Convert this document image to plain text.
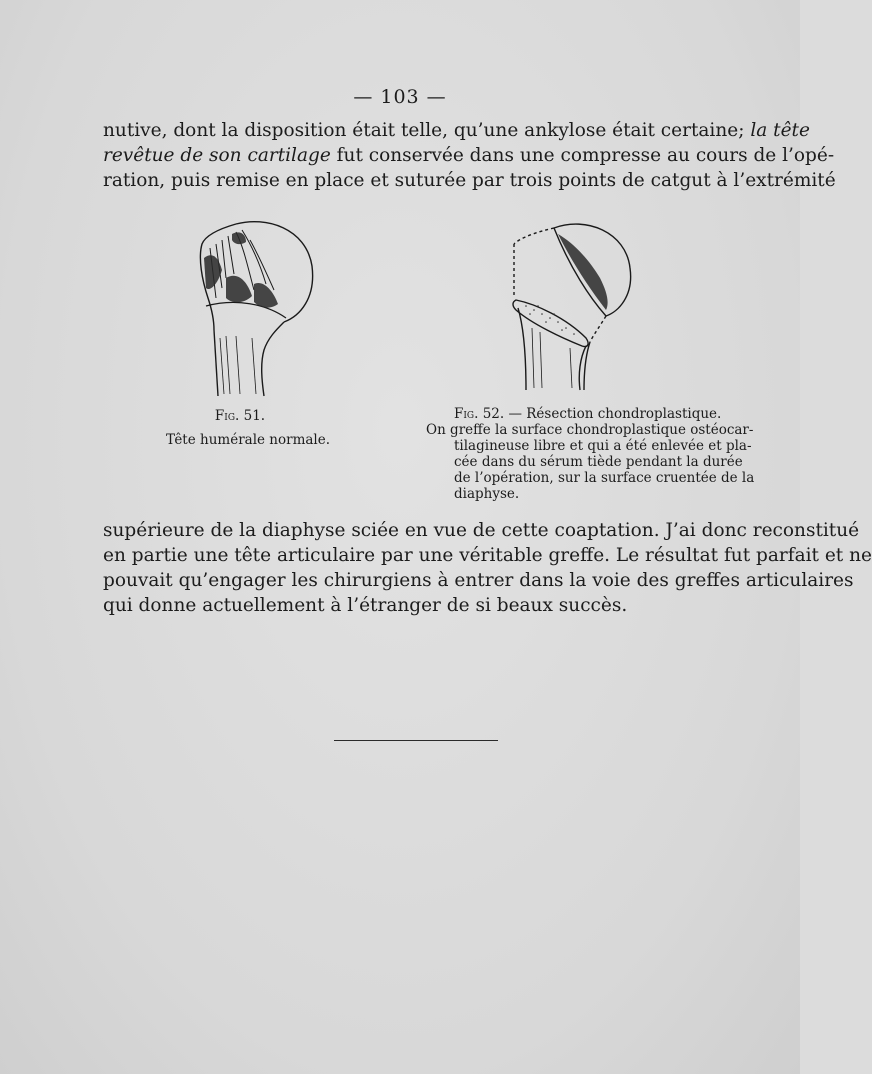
— 103 —
nutive, dont la disposition était telle, qu’une ankylose était certaine; la tête
revêtue de son cartilage fut conservée dans une compresse au cours de l’opé-
ration, puis remise en place et suturée par trois points de catgut à l’extrémité
Fig. 51.
Tête humérale normale.
Fig. 52. — Résection chondroplastique.
On greffe la surface chondroplastique ostéocar-
tilagineuse libre et qui a été enlevée et pla-
cée dans du sérum tiède pendant la durée
de l’opération, sur la surface cruentée de la
diaphyse.
supérieure de la diaphyse sciée en vue de cette coaptation. J’ai donc reconstitué
en partie une tête articulaire par une véritable greffe. Le résultat fut parfait et ne
pouvait qu’engager les chirurgiens à entrer dans la voie des greffes articulaires
qui donne actuellement à l’étranger de si beaux succès.
